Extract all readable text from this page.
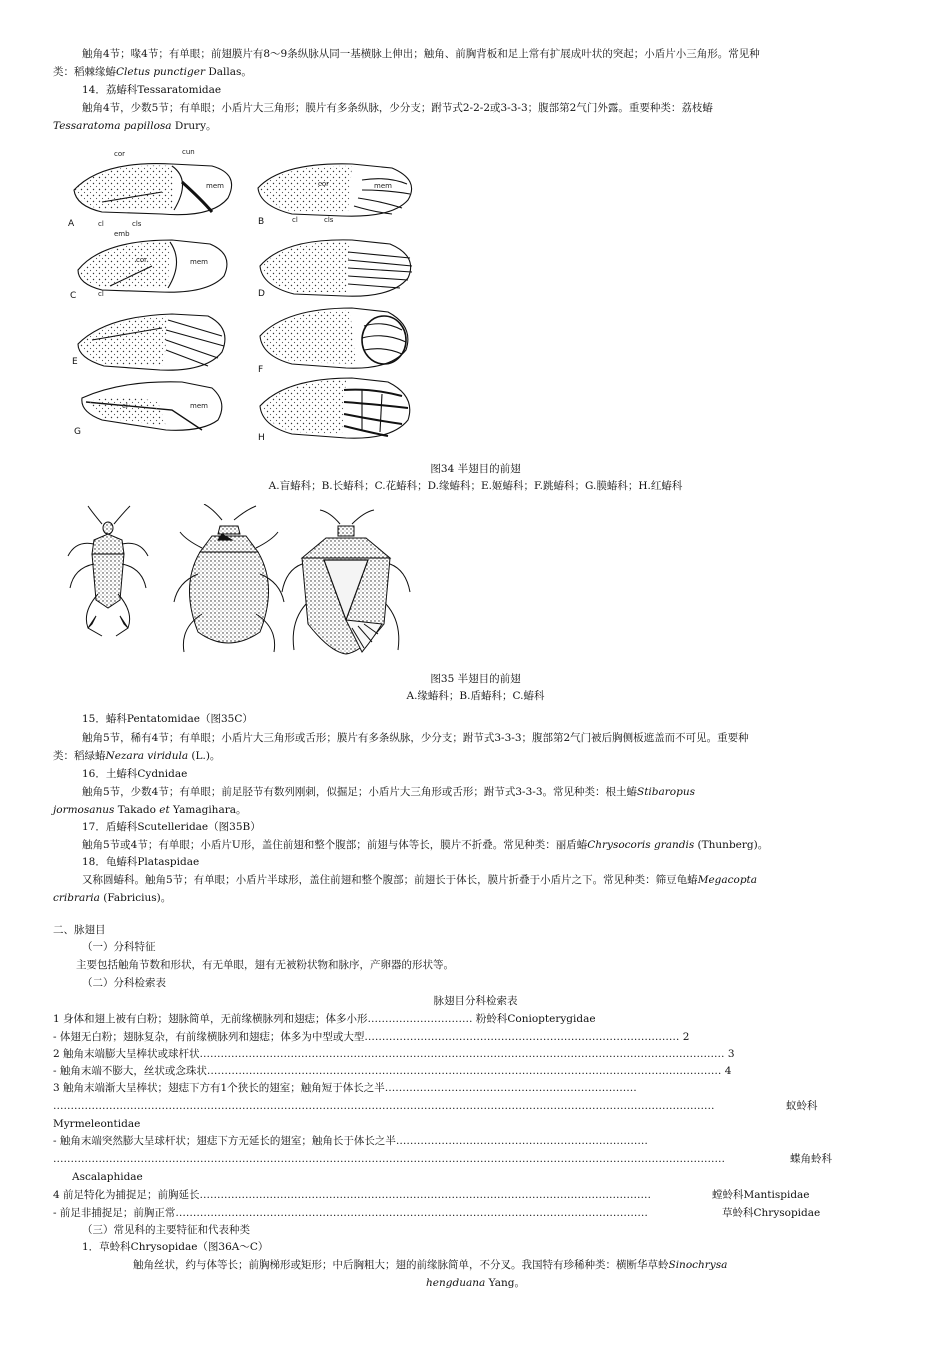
触角4节；喙4节；有单眼；前翅膜片有8～9条纵脉从同一基横脉上伸出；触角、前胸背板和足上常有扩展成叶状的突起；小盾片小三角形。常见种
类：稻棘缘蝽Cletus punctiger Dallas。
14．荔蝽科Tessaratomidae
触角4节，少数5节；有单眼；小盾片大三角形；膜片有多条纵脉，少分支；跗节式2-2-2或3-3-3；腹部第2气门外露。重要种类：荔枝蝽
Tessaratoma papillosa Drury。
A	B
C	D
E
F
G
H
cor	cun
mem
cl	cls
cor	mem
cl	cls
emb
cor	mem
cl
cl	mem
图34 半翅目的前翅
A.盲蝽科；B.长蝽科；C.花蝽科；D.缘蝽科；E.姬蝽科；F.跳蝽科；G.膜蝽科；H.红蝽科
图35 半翅目的前翅
A.缘蝽科；B.盾蝽科；C.蝽科
15．蝽科Pentatomidae（图35C）
触角5节，稀有4节；有单眼；小盾片大三角形或舌形；膜片有多条纵脉，少分支；跗节式3-3-3；腹部第2气门被后胸侧板遮盖而不可见。重要种
类：稻绿蝽Nezara viridula (L.)。
16．土蝽科Cydnidae
触角5节，少数4节；有单眼；前足胫节有数列刚刺，似掘足；小盾片大三角形或舌形；跗节式3-3-3。常见种类：根土蝽Stibaropus
jormosanus Takado et Yamagihara。
17．盾蝽科Scutelleridae（图35B）
触角5节或4节；有单眼；小盾片U形，盖住前翅和整个腹部；前翅与体等长，膜片不折叠。常见种类：丽盾蝽Chrysocoris grandis (Thunberg)。
18．龟蝽科Plataspidae
又称圆蝽科。触角5节；有单眼；小盾片半球形，盖住前翅和整个腹部；前翅长于体长，膜片折叠于小盾片之下。常见种类：筛豆龟蝽Megacopta
cribraria (Fabricius)。
二、脉翅目
（一）分科特征
主要包括触角节数和形状，有无单眼，翅有无被粉状物和脉序，产卵器的形状等。
（二）分科检索表
脉翅目分科检索表
1 身体和翅上被有白粉；翅脉简单，无前缘横脉列和翅痣；体多小形………………………… 粉蛉科Coniopterygidae
- 体翅无白粉；翅脉复杂，有前缘横脉列和翅痣；体多为中型或大型……………………………………………………………………………… 2
2 触角末端膨大呈棒状或球杆状…………………………………………………………………………………………………………………………………… 3
- 触角末端不膨大，丝状或念珠状………………………………………………………………………………………………………………………………… 4
3 触角末端渐大呈棒状；翅痣下方有1个狭长的翅室；触角短于体长之半………………………………………………………………
………………………………………………………………………………………………………………………………………………………………………	蚁蛉科
Myrmeleontidae
- 触角末端突然膨大呈球杆状；翅痣下方无延长的翅室；触角长于体长之半………………………………………………………………
…………………………………………………………………………………………………………………………………………………………………………	蝶角蛉科
Ascalaphidae
4 前足特化为捕捉足；前胸延长…………………………………………………………………………………………………………………	螳蛉科Mantispidae
- 前足非捕捉足；前胸正常………………………………………………………………………………………………………………………	草蛉科Chrysopidae
（三）常见科的主要特征和代表种类
1．草蛉科Chrysopidae（图36A～C）
触角丝状，约与体等长；前胸梯形或矩形；中后胸粗大；翅的前缘脉简单，不分叉。我国特有珍稀种类：横断华草蛉Sinochrysa
hengduana Yang。
